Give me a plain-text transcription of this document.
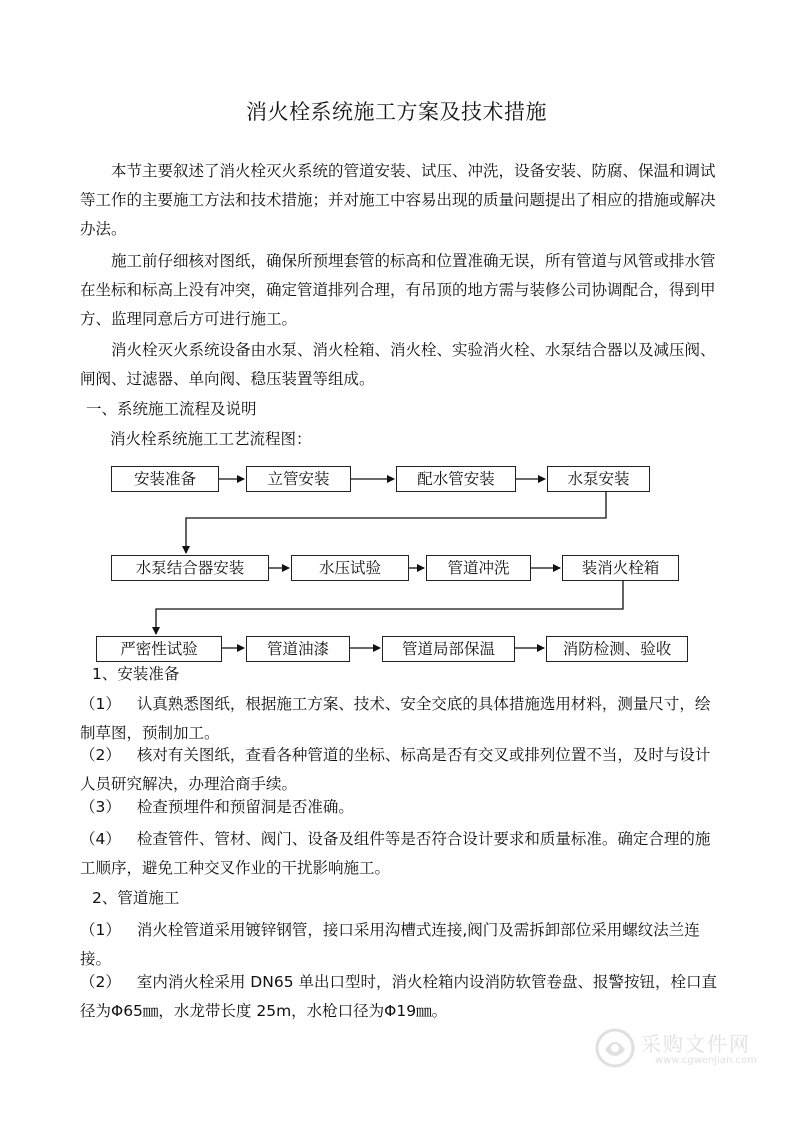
消火栓系统施工方案及技术措施

本节主要叙述了消火栓灭火系统的管道安装、试压、冲洗，设备安装、防腐、保温和调试等工作的主要施工方法和技术措施；并对施工中容易出现的质量问题提出了相应的措施或解决办法。

施工前仔细核对图纸，确保所预埋套管的标高和位置准确无误，所有管道与风管或排水管在坐标和标高上没有冲突，确定管道排列合理，有吊顶的地方需与装修公司协调配合，得到甲方、监理同意后方可进行施工。

消火栓灭火系统设备由水泵、消火栓箱、消火栓、实验消火栓、水泵结合器以及减压阀、闸阀、过滤器、单向阀、稳压装置等组成。

一、系统施工流程及说明
消火栓系统施工工艺流程图：
安装准备	立管安装	配水管安装	水泵安装
水泵结合器安装	水压试验	管道冲洗	装消火栓箱
严密性试验	管道油漆	管道局部保温	消防检测、验收
1、安装准备
（1） 认真熟悉图纸，根据施工方案、技术、安全交底的具体措施选用材料，测量尺寸，绘制草图，预制加工。
（2） 核对有关图纸，查看各种管道的坐标、标高是否有交叉或排列位置不当，及时与设计人员研究解决，办理洽商手续。
（3） 检查预埋件和预留洞是否准确。
（4） 检查管件、管材、阀门、设备及组件等是否符合设计要求和质量标准。确定合理的施工顺序，避免工种交叉作业的干扰影响施工。
2、管道施工
（1） 消火栓管道采用镀锌钢管，接口采用沟槽式连接,阀门及需拆卸部位采用螺纹法兰连接。
（2） 室内消火栓采用 DN65 单出口型时，消火栓箱内设消防软管卷盘、报警按钮，栓口直径为Φ65㎜，水龙带长度 25m，水枪口径为Φ19㎜。
采购文件网
www.cgwenjian.com
